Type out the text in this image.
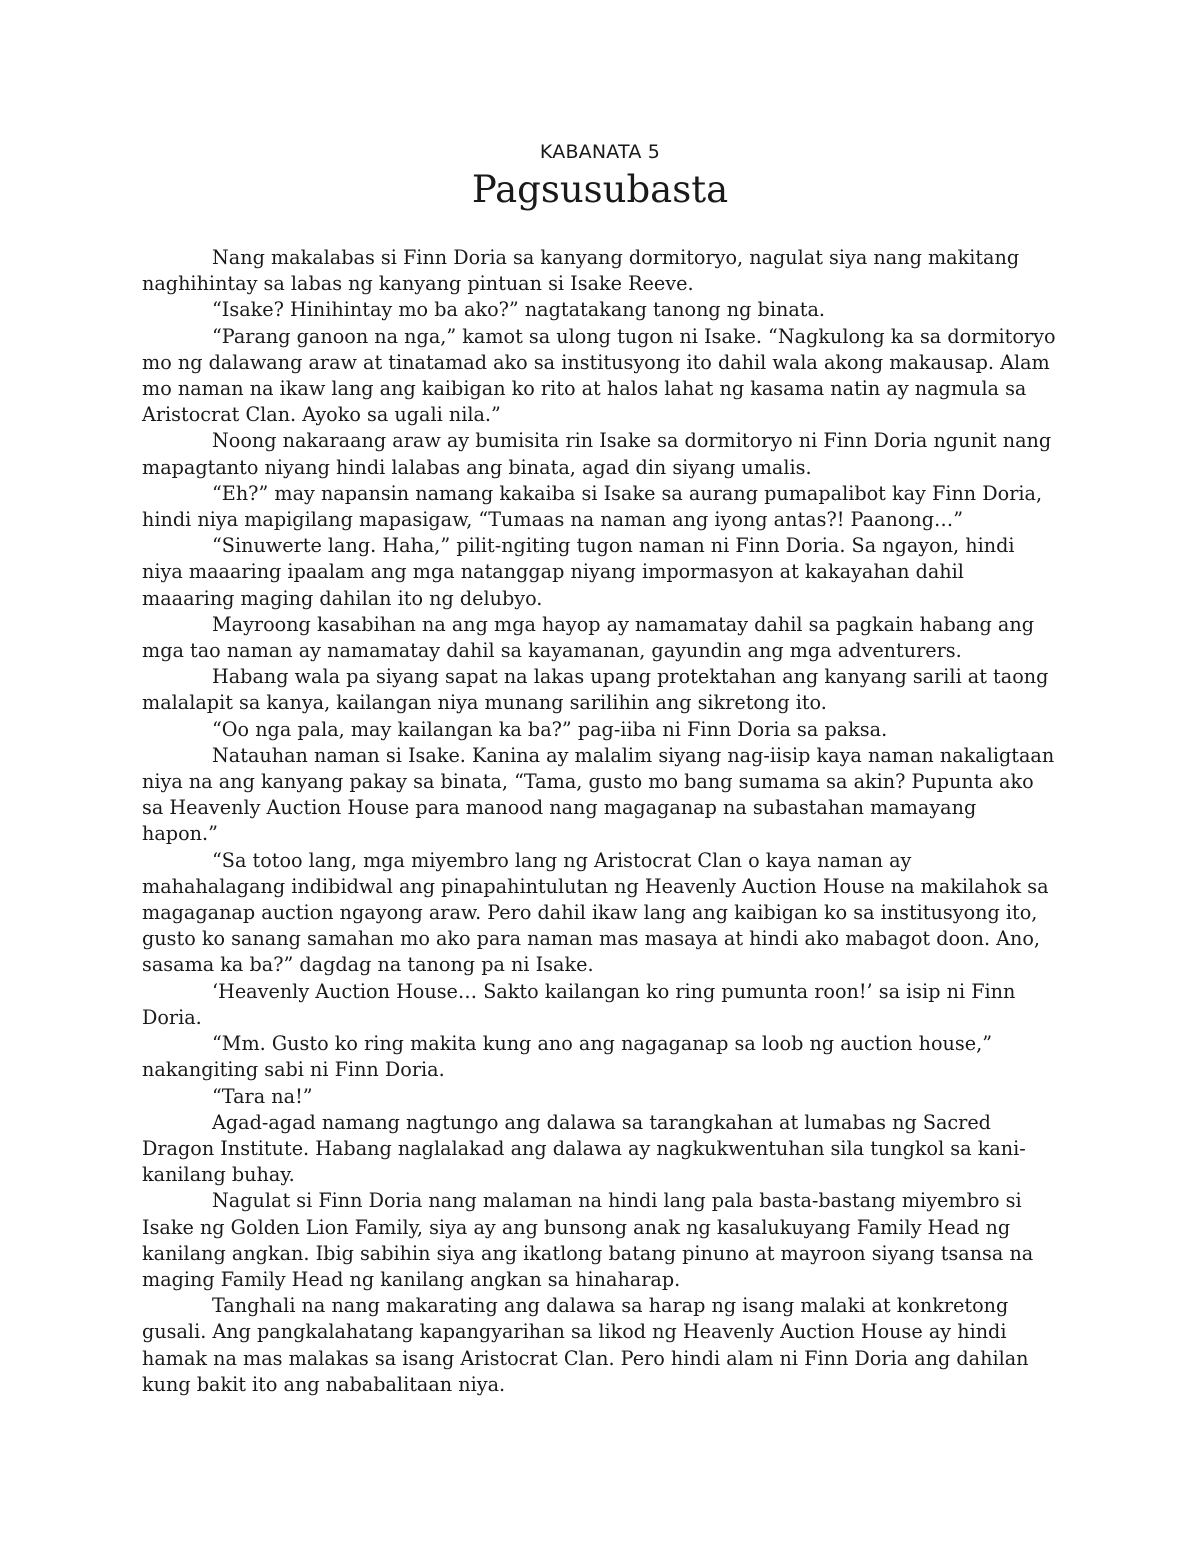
KABANATA 5
Pagsusubasta

Nang makalabas si Finn Doria sa kanyang dormitoryo, nagulat siya nang makitang naghihintay sa labas ng kanyang pintuan si Isake Reeve.

“Isake? Hinihintay mo ba ako?” nagtatakang tanong ng binata.

“Parang ganoon na nga,” kamot sa ulong tugon ni Isake. “Nagkulong ka sa dormitoryo mo ng dalawang araw at tinatamad ako sa institusyong ito dahil wala akong makausap. Alam mo naman na ikaw lang ang kaibigan ko rito at halos lahat ng kasama natin ay nagmula sa Aristocrat Clan. Ayoko sa ugali nila.”

Noong nakaraang araw ay bumisita rin Isake sa dormitoryo ni Finn Doria ngunit nang mapagtanto niyang hindi lalabas ang binata, agad din siyang umalis.

“Eh?” may napansin namang kakaiba si Isake sa aurang pumapalibot kay Finn Doria, hindi niya mapigilang mapasigaw, “Tumaas na naman ang iyong antas?! Paanong…”

“Sinuwerte lang. Haha,” pilit-ngiting tugon naman ni Finn Doria. Sa ngayon, hindi niya maaaring ipaalam ang mga natanggap niyang impormasyon at kakayahan dahil maaaring maging dahilan ito ng delubyo.

Mayroong kasabihan na ang mga hayop ay namamatay dahil sa pagkain habang ang mga tao naman ay namamatay dahil sa kayamanan, gayundin ang mga adventurers.

Habang wala pa siyang sapat na lakas upang protektahan ang kanyang sarili at taong malalapit sa kanya, kailangan niya munang sarilihin ang sikretong ito.

“Oo nga pala, may kailangan ka ba?” pag-iiba ni Finn Doria sa paksa.

Natauhan naman si Isake. Kanina ay malalim siyang nag-iisip kaya naman nakaligtaan niya na ang kanyang pakay sa binata, “Tama, gusto mo bang sumama sa akin? Pupunta ako sa Heavenly Auction House para manood nang magaganap na subastahan mamayang hapon.”

“Sa totoo lang, mga miyembro lang ng Aristocrat Clan o kaya naman ay mahahalagang indibidwal ang pinapahintulutan ng Heavenly Auction House na makilahok sa magaganap auction ngayong araw. Pero dahil ikaw lang ang kaibigan ko sa institusyong ito, gusto ko sanang samahan mo ako para naman mas masaya at hindi ako mabagot doon. Ano, sasama ka ba?” dagdag na tanong pa ni Isake.

‘Heavenly Auction House… Sakto kailangan ko ring pumunta roon!’ sa isip ni Finn Doria.

“Mm. Gusto ko ring makita kung ano ang nagaganap sa loob ng auction house,” nakangiting sabi ni Finn Doria.

“Tara na!”

Agad-agad namang nagtungo ang dalawa sa tarangkahan at lumabas ng Sacred Dragon Institute. Habang naglalakad ang dalawa ay nagkukwentuhan sila tungkol sa kani-kanilang buhay.

Nagulat si Finn Doria nang malaman na hindi lang pala basta-bastang miyembro si Isake ng Golden Lion Family, siya ay ang bunsong anak ng kasalukuyang Family Head ng kanilang angkan. Ibig sabihin siya ang ikatlong batang pinuno at mayroon siyang tsansa na maging Family Head ng kanilang angkan sa hinaharap.

Tanghali na nang makarating ang dalawa sa harap ng isang malaki at konkretong gusali. Ang pangkalahatang kapangyarihan sa likod ng Heavenly Auction House ay hindi hamak na mas malakas sa isang Aristocrat Clan. Pero hindi alam ni Finn Doria ang dahilan kung bakit ito ang nababalitaan niya.
